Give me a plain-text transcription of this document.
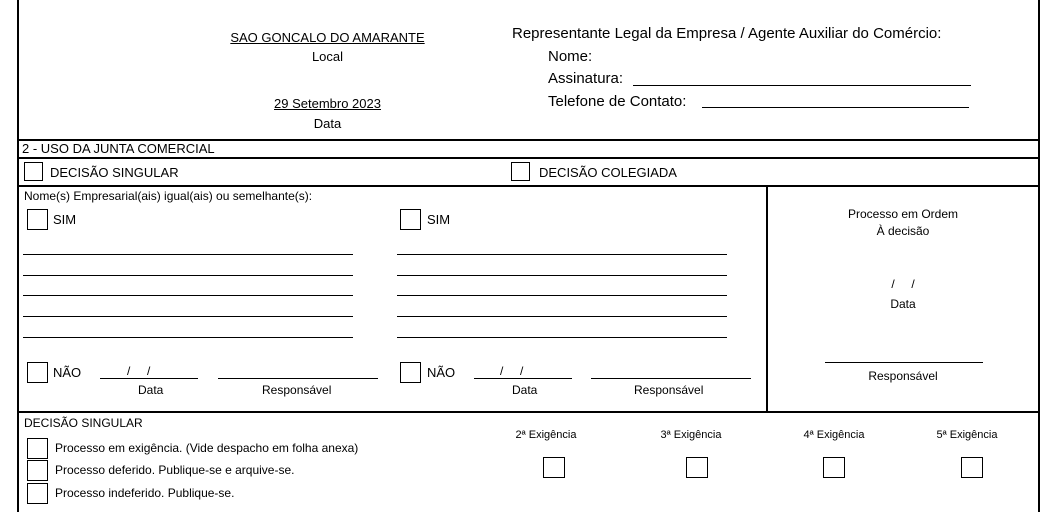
SAO GONCALO DO AMARANTE
Local
29 Setembro 2023
Data
Representante Legal da Empresa / Agente Auxiliar do Comércio:
Nome:
Assinatura:
Telefone de Contato:
2 - USO DA JUNTA COMERCIAL
DECISÃO SINGULAR	DECISÃO COLEGIADA
Nome(s) Empresarial(ais) igual(ais) ou semelhante(s):
SIM
NÃO	/     /
Data	Responsável
SIM
NÃO	/     /
Data	Responsável
Processo em Ordem
À decisão
/     /
Data
Responsável
DECISÃO SINGULAR
Processo em exigência. (Vide despacho em folha anexa)
Processo deferido. Publique-se e arquive-se.
Processo indeferido. Publique-se.
2ª Exigência	3ª Exigência	4ª Exigência	5ª Exigência
